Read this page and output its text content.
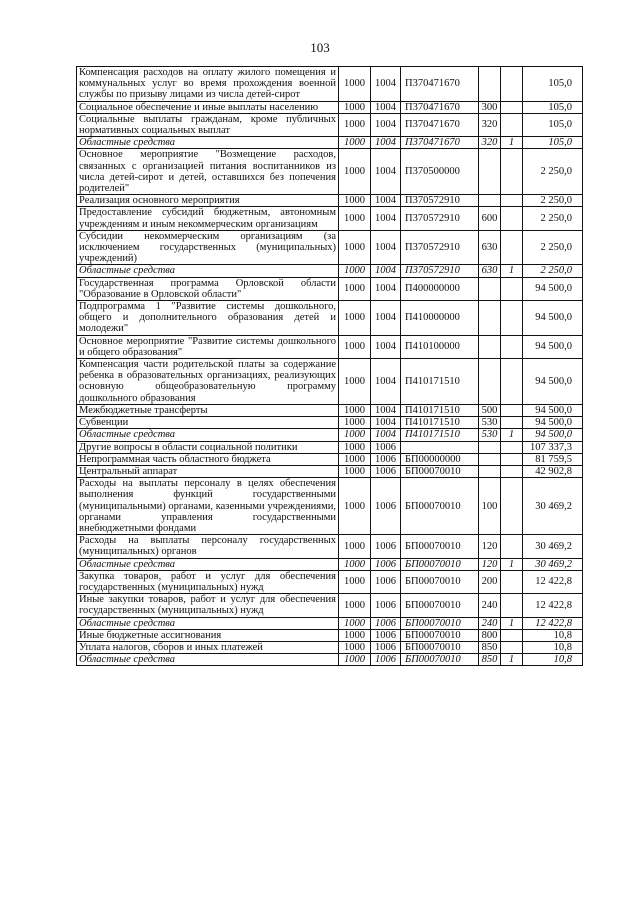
103
Компенсация расходов на оплату жилого помещения и коммунальных услуг во время прохождения военной службы по призыву лицами из числа детей-сирот	1000	1004	П370471670			105,0
Социальное обеспечение и иные выплаты населению	1000	1004	П370471670	300		105,0
Социальные выплаты гражданам, кроме публичных нормативных социальных выплат	1000	1004	П370471670	320		105,0
Областные средства	1000	1004	П370471670	320	1	105,0
Основное мероприятие "Возмещение расходов, связанных с организацией питания воспитанников из числа детей-сирот и детей, оставшихся без попечения родителей"	1000	1004	П370500000			2 250,0
Реализация основного мероприятия	1000	1004	П370572910			2 250,0
Предоставление субсидий бюджетным, автономным учреждениям и иным некоммерческим организациям	1000	1004	П370572910	600		2 250,0
Субсидии некоммерческим организациям (за исключением государственных (муниципальных) учреждений)	1000	1004	П370572910	630		2 250,0
Областные средства	1000	1004	П370572910	630	1	2 250,0
Государственная программа Орловской области "Образование в Орловской области"	1000	1004	П400000000			94 500,0
Подпрограмма 1 "Развитие системы дошкольного, общего и дополнительного образования детей и молодежи"	1000	1004	П410000000			94 500,0
Основное мероприятие "Развитие системы дошкольного и общего образования"	1000	1004	П410100000			94 500,0
Компенсация части родительской платы за содержание ребенка в образовательных организациях, реализующих основную общеобразовательную программу дошкольного образования	1000	1004	П410171510			94 500,0
Межбюджетные трансферты	1000	1004	П410171510	500		94 500,0
Субвенции	1000	1004	П410171510	530		94 500,0
Областные средства	1000	1004	П410171510	530	1	94 500,0
Другие вопросы в области социальной политики	1000	1006				107 337,3
Непрограммная часть областного бюджета	1000	1006	БП00000000			81 759,5
Центральный аппарат	1000	1006	БП00070010			42 902,8
Расходы на выплаты персоналу в целях обеспечения выполнения функций государственными (муниципальными) органами, казенными учреждениями, органами управления государственными внебюджетными фондами	1000	1006	БП00070010	100		30 469,2
Расходы на выплаты персоналу государственных (муниципальных) органов	1000	1006	БП00070010	120		30 469,2
Областные средства	1000	1006	БП00070010	120	1	30 469,2
Закупка товаров, работ и услуг для обеспечения государственных (муниципальных) нужд	1000	1006	БП00070010	200		12 422,8
Иные закупки товаров, работ и услуг для обеспечения государственных (муниципальных) нужд	1000	1006	БП00070010	240		12 422,8
Областные средства	1000	1006	БП00070010	240	1	12 422,8
Иные бюджетные ассигнования	1000	1006	БП00070010	800		10,8
Уплата налогов, сборов и иных платежей	1000	1006	БП00070010	850		10,8
Областные средства	1000	1006	БП00070010	850	1	10,8
